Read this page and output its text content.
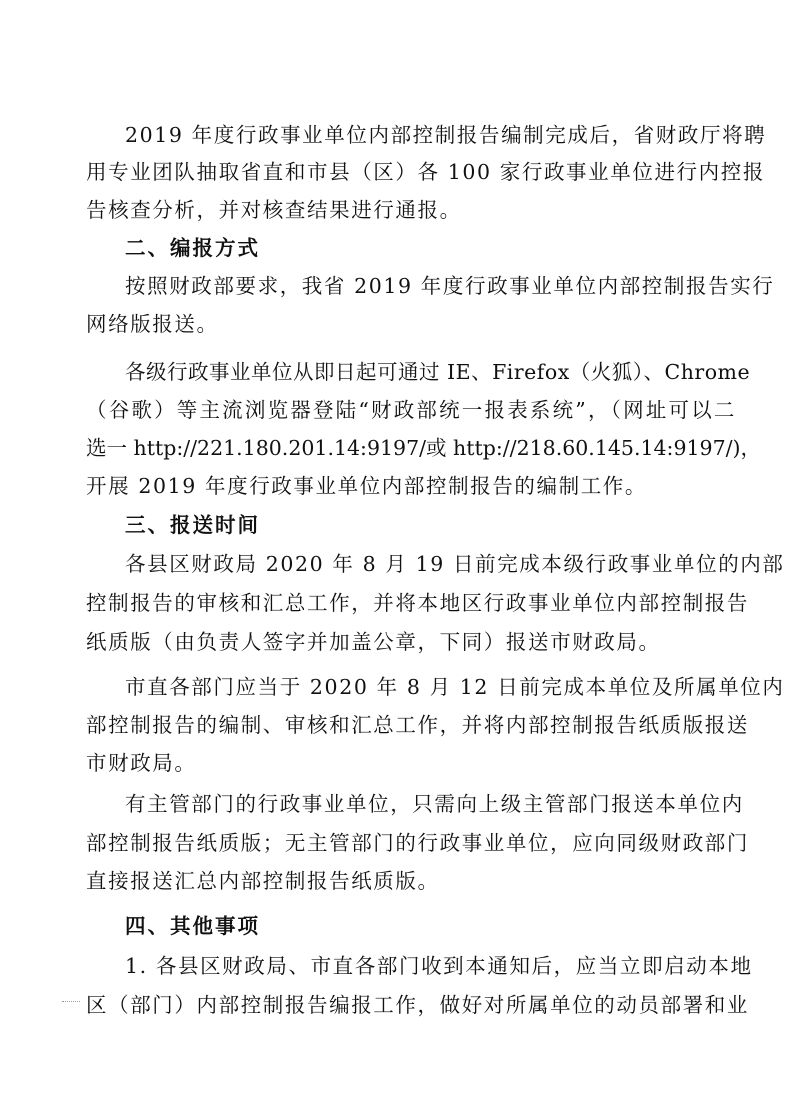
2019 年度行政事业单位内部控制报告编制完成后，省财政厅将聘
用专业团队抽取省直和市县（区）各 100 家行政事业单位进行内控报
告核查分析，并对核查结果进行通报。
二、编报方式
按照财政部要求，我省 2019 年度行政事业单位内部控制报告实行
网络版报送。
各级行政事业单位从即日起可通过 IE、Firefox（火狐）、Chrome
（谷歌）等主流浏览器登陆“财政部统一报表系统”，（网址可以二
选一 http://221.180.201.14:9197/或 http://218.60.145.14:9197/)，
开展 2019 年度行政事业单位内部控制报告的编制工作。
三、报送时间
各县区财政局 2020 年 8 月 19 日前完成本级行政事业单位的内部
控制报告的审核和汇总工作，并将本地区行政事业单位内部控制报告
纸质版（由负责人签字并加盖公章，下同）报送市财政局。
市直各部门应当于 2020 年 8 月 12 日前完成本单位及所属单位内
部控制报告的编制、审核和汇总工作，并将内部控制报告纸质版报送
市财政局。
有主管部门的行政事业单位，只需向上级主管部门报送本单位内
部控制报告纸质版；无主管部门的行政事业单位，应向同级财政部门
直接报送汇总内部控制报告纸质版。
四、其他事项
1. 各县区财政局、市直各部门收到本通知后，应当立即启动本地
区（部门）内部控制报告编报工作，做好对所属单位的动员部署和业
